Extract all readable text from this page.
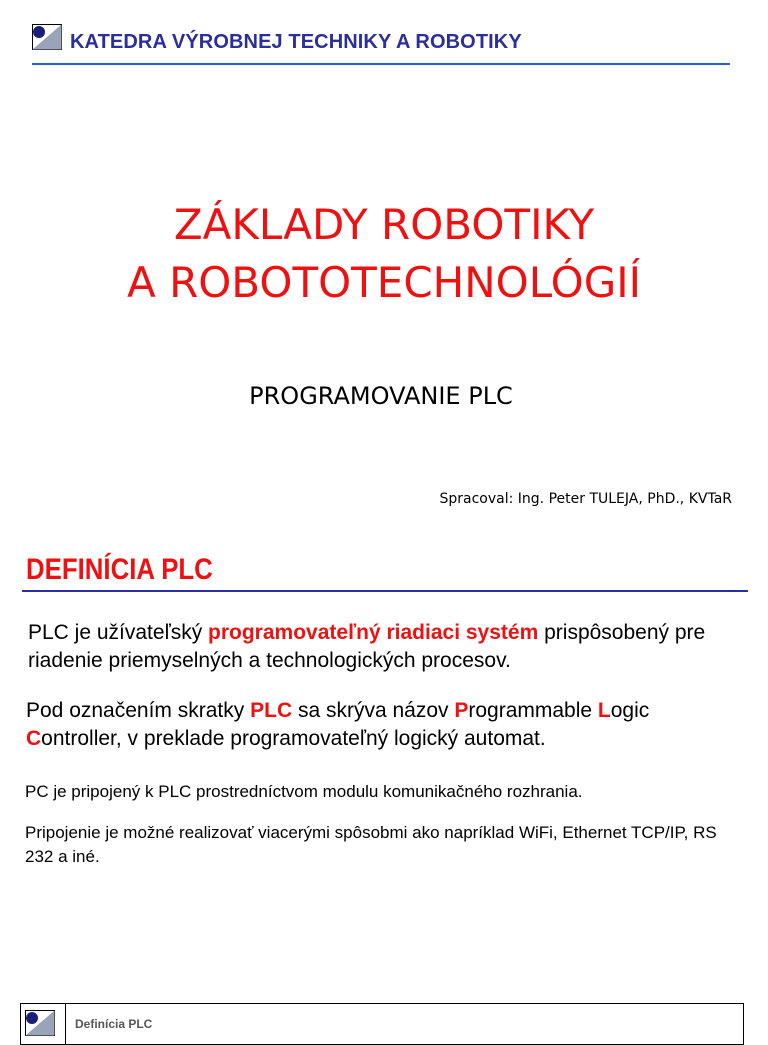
KATEDRA VÝROBNEJ TECHNIKY A ROBOTIKY
ZÁKLADY ROBOTIKY
A ROBOTOTECHNOLÓGIÍ
PROGRAMOVANIE PLC
Spracoval: Ing. Peter TULEJA, PhD., KVTaR
DEFINÍCIA PLC
PLC je užívateľský programovateľný riadiaci systém prispôsobený pre riadenie priemyselných a technologických procesov.
Pod označením skratky PLC sa skrýva názov Programmable Logic
Controller, v preklade programovateľný logický automat.
PC je pripojený k PLC prostredníctvom modulu komunikačného rozhrania.
Pripojenie je možné realizovať viacerými spôsobmi ako napríklad WiFi, Ethernet TCP/IP, RS 232 a iné.
Definícia PLC
